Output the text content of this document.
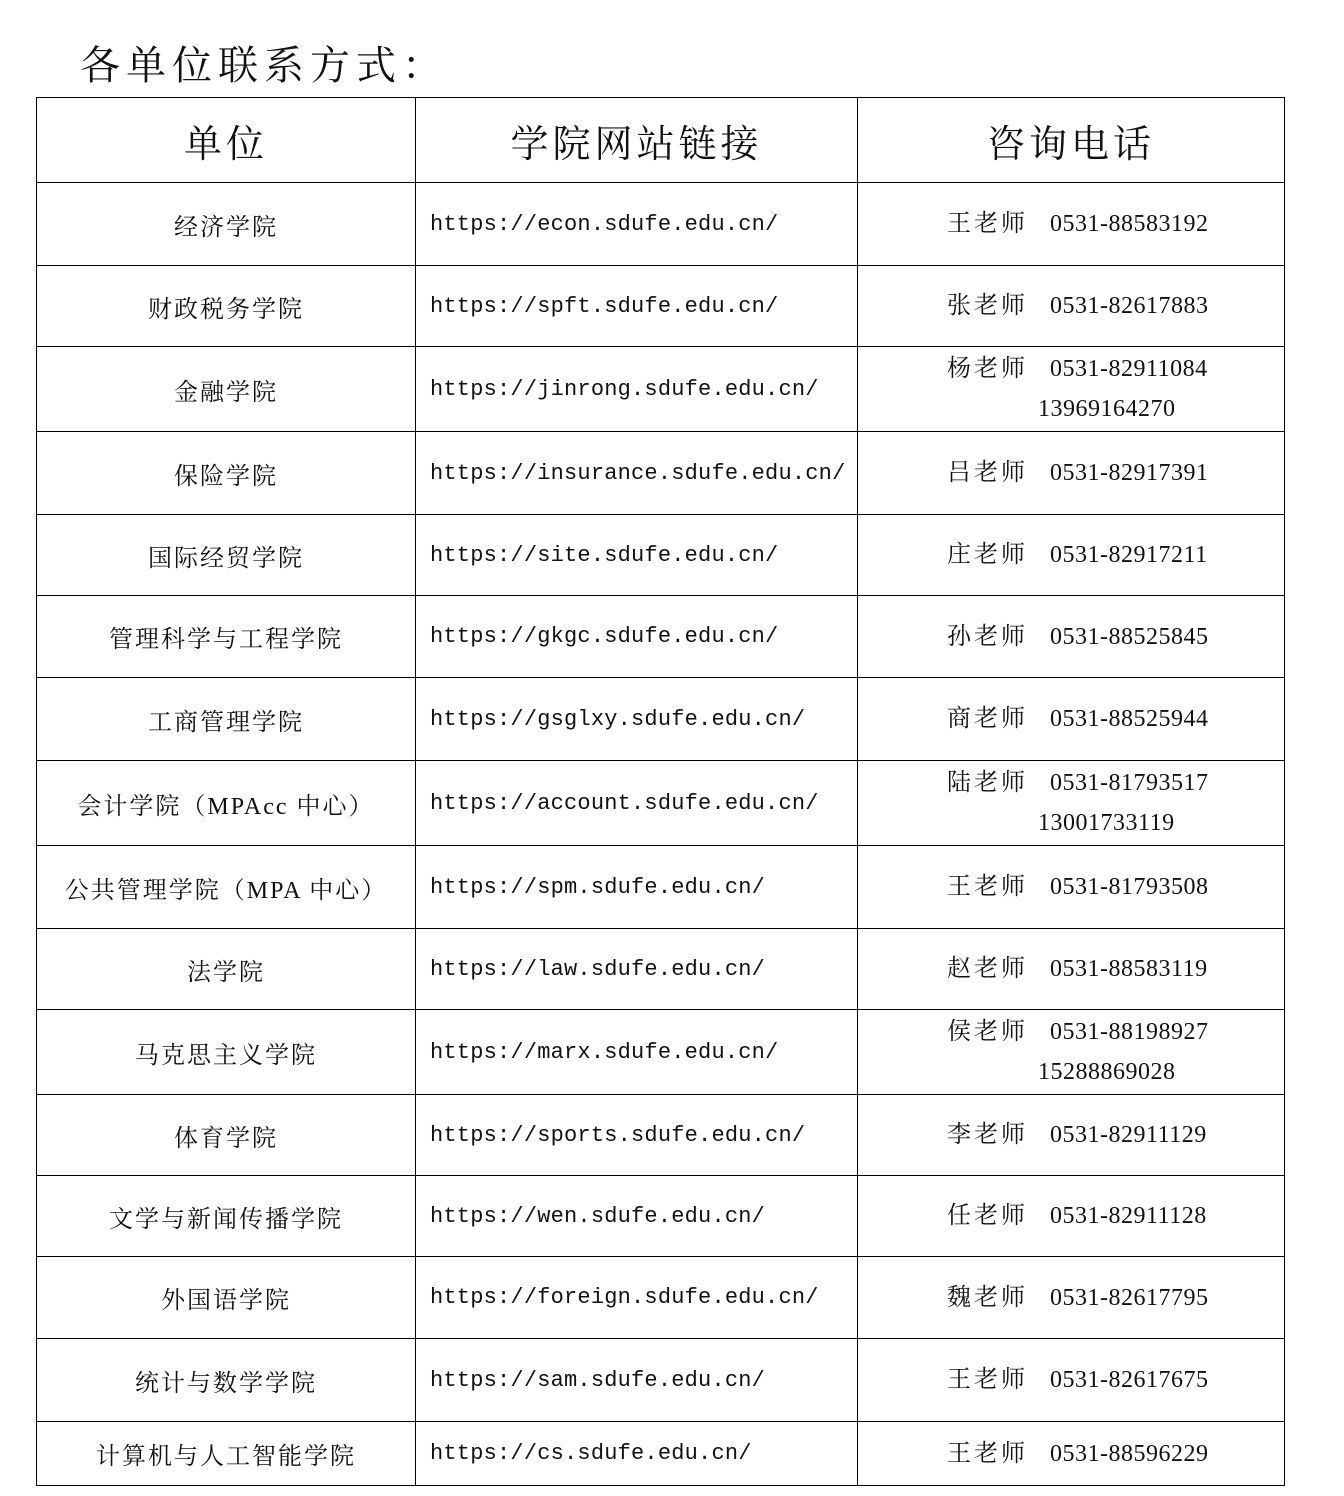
各单位联系方式：
单位	学院网站链接	咨询电话
经济学院	https://econ.sdufe.edu.cn/	王老师 0531-88583192

财政税务学院	https://spft.sdufe.edu.cn/	张老师 0531-82617883

金融学院	https://jinrong.sdufe.edu.cn/	杨老师 0531-82911084
13969164270

保险学院	https://insurance.sdufe.edu.cn/	吕老师 0531-82917391

国际经贸学院	https://site.sdufe.edu.cn/	庄老师 0531-82917211

管理科学与工程学院	https://gkgc.sdufe.edu.cn/	孙老师 0531-88525845

工商管理学院	https://gsglxy.sdufe.edu.cn/	商老师 0531-88525944

会计学院（MPAcc 中心）	https://account.sdufe.edu.cn/	陆老师 0531-81793517
13001733119

公共管理学院（MPA 中心）	https://spm.sdufe.edu.cn/	王老师 0531-81793508

法学院	https://law.sdufe.edu.cn/	赵老师 0531-88583119

马克思主义学院	https://marx.sdufe.edu.cn/	侯老师 0531-88198927
15288869028

体育学院	https://sports.sdufe.edu.cn/	李老师 0531-82911129

文学与新闻传播学院	https://wen.sdufe.edu.cn/	任老师 0531-82911128

外国语学院	https://foreign.sdufe.edu.cn/	魏老师 0531-82617795

统计与数学学院	https://sam.sdufe.edu.cn/	王老师 0531-82617675

计算机与人工智能学院	https://cs.sdufe.edu.cn/	王老师 0531-88596229
